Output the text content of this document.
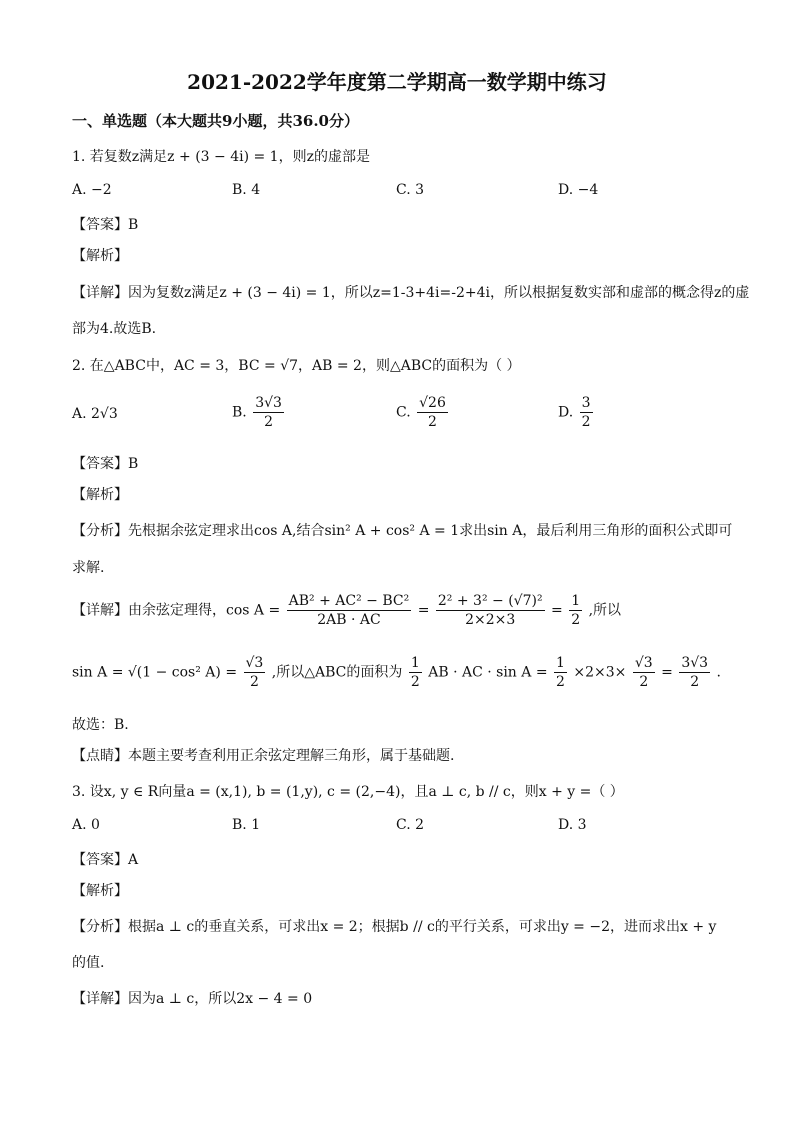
2021-2022学年度第二学期高一数学期中练习
一、单选题（本大题共9小题，共36.0分）
1. 若复数z满足z + (3 − 4i) = 1，则z的虚部是
A. −2	B. 4	C. 3	D. −4
【答案】B
【解析】
【详解】因为复数z满足z + (3 − 4i) = 1，所以z=1-3+4i=-2+4i，所以根据复数实部和虚部的概念得z的虚
部为4.故选B.
2. 在△ABC中，AC = 3，BC = √7，AB = 2，则△ABC的面积为（ ）
A. 2√3	B. $\frac{3√3}{2}$	C. $\frac{√26}{2}$	D. $\frac{3}{2}$
【答案】B
【解析】
【分析】先根据余弦定理求出cos A,结合sin² A + cos² A = 1求出sin A，最后利用三角形的面积公式即可
求解.
【详解】由余弦定理得，$\cos A = \frac{\text{AB² + AC² − BC²}}{2AB \cdot AC} = \frac{\text{2² + 3² − (√7)²}}{2\times 2\times 3} = \frac{1}{2}$ ,所以
sin A = √(1 − cos² $A) = \frac{√3}{2}$ ,所以△ABC的面积为 $\frac{1}{2}$ AB · AC · $\sin A = \frac{1}{2} \times 2\times 3\times \frac{√3}{2} = \frac{3√3}{2}$ .
故选：B.
【点睛】本题主要考查利用正余弦定理解三角形，属于基础题.
3. 设x, y ∈ R向量a = (x,1), b = (1,y), c = (2,−4)，且a ⊥ c, b // c，则x + y =（ ）
A. 0	B. 1	C. 2	D. 3
【答案】A
【解析】
【分析】根据a ⊥ c的垂直关系，可求出x = 2；根据b // c的平行关系，可求出y = −2，进而求出x + y
的值.
【详解】因为a ⊥ c，所以2x − 4 = 0
